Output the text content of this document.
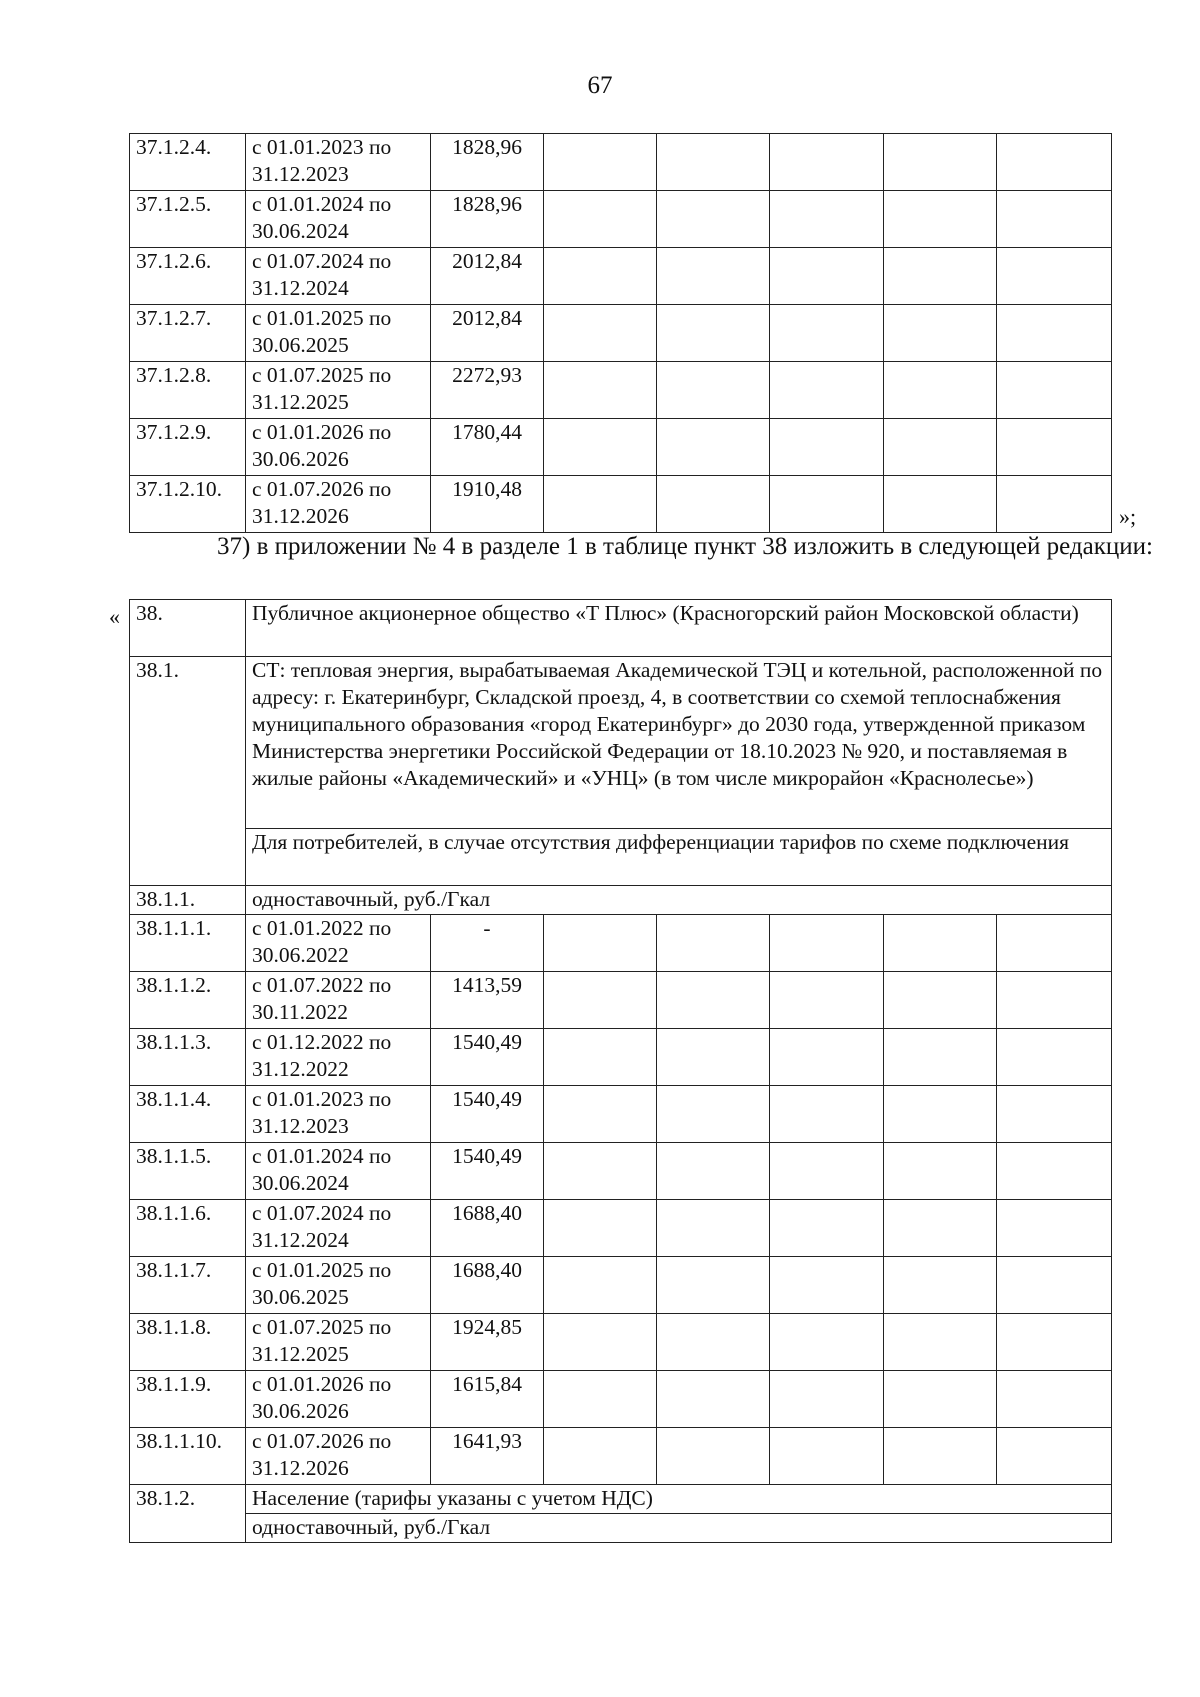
67
37.1.2.4.	с 01.01.2023 по 31.12.2023	1828,96					
37.1.2.5.	с 01.01.2024 по 30.06.2024	1828,96					
37.1.2.6.	с 01.07.2024 по 31.12.2024	2012,84					
37.1.2.7.	с 01.01.2025 по 30.06.2025	2012,84					
37.1.2.8.	с 01.07.2025 по 31.12.2025	2272,93					
37.1.2.9.	с 01.01.2026 по 30.06.2026	1780,44					
37.1.2.10.	с 01.07.2026 по 31.12.2026	1910,48					
»;
37) в приложении № 4 в разделе 1 в таблице пункт 38 изложить в следующей редакции:
« 38.	Публичное акционерное общество «Т Плюс» (Красногорский район Московской области)						
38.1.	СТ: тепловая энергия, вырабатываемая Академической ТЭЦ и котельной, расположенной по адресу: г. Екатеринбург, Складской проезд, 4, в соответствии со схемой теплоснабжения муниципального образования «город Екатеринбург» до 2030 года, утвержденной приказом Министерства энергетики Российской Федерации от 18.10.2023 № 920, и поставляемая в жилые районы «Академический» и «УНЦ» (в том числе микрорайон «Краснолесье»)						
	Для потребителей, в случае отсутствия дифференциации тарифов по схеме подключения						
38.1.1.	одноставочный, руб./Гкал						
38.1.1.1.	с 01.01.2022 по 30.06.2022	-					
38.1.1.2.	с 01.07.2022 по 30.11.2022	1413,59					
38.1.1.3.	с 01.12.2022 по 31.12.2022	1540,49					
38.1.1.4.	с 01.01.2023 по 31.12.2023	1540,49					
38.1.1.5.	с 01.01.2024 по 30.06.2024	1540,49					
38.1.1.6.	с 01.07.2024 по 31.12.2024	1688,40					
38.1.1.7.	с 01.01.2025 по 30.06.2025	1688,40					
38.1.1.8.	с 01.07.2025 по 31.12.2025	1924,85					
38.1.1.9.	с 01.01.2026 по 30.06.2026	1615,84					
38.1.1.10.	с 01.07.2026 по 31.12.2026	1641,93					
38.1.2.	Население (тарифы указаны с учетом НДС)						
	одноставочный, руб./Гкал						
